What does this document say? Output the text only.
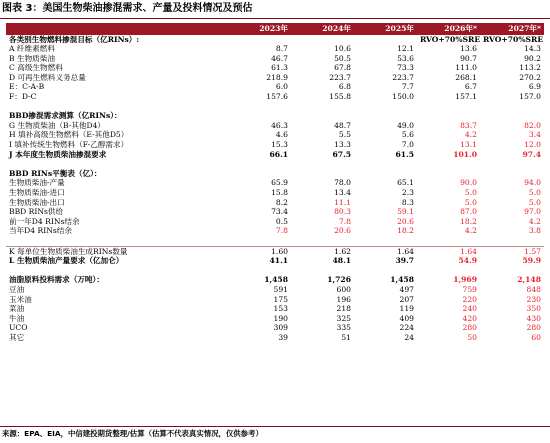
图表 3：美国生物柴油掺混需求、产量及投料情况及预估
	2023年	2024年	2025年	2026年*	2027年*
各类别生物燃料掺混目标（亿RINs）:				RVO+70%SRE	RVO+70%SRE
A 纤维素燃料	8.7	10.6	12.1	13.6	14.3
B 生物质柴油	46.7	50.5	53.6	90.7	90.2
C 高级生物燃料	61.3	67.8	73.3	111.0	113.2
D 可再生燃料义务总量	218.9	223.7	223.7	268.1	270.2
E：C-A-B	6.0	6.8	7.7	6.7	6.9
F：D-C	157.6	155.8	150.0	157.1	157.0

BBD掺混需求测算（亿RINs）：					
G 生物质柴油（B-其他D4）	46.3	48.7	49.0	83.7	82.0
H 填补高级生物燃料（E-其他D5）	4.6	5.5	5.6	4.2	3.4
I 填补传统生物燃料（F-乙醇需求）	15.3	13.3	7.0	13.1	12.0
J 本年度生物质柴油掺混要求	66.1	67.5	61.5	101.0	97.4

BBD RINs平衡表（亿）：					
生物质柴油-产量	65.9	78.0	65.1	90.0	94.0
生物质柴油-进口	15.8	13.4	2.3	5.0	5.0
生物质柴油-出口	8.2	11.1	8.3	5.0	5.0
BBD RINs供给	73.4	80.3	59.1	87.0	97.0
前一年D4 RINs结余	0.5	7.8	20.6	18.2	4.2
当年D4 RINs结余	7.8	20.6	18.2	4.2	3.8

K 每单位生物质柴油生成RINs数量	1.60	1.62	1.64	1.64	1.57
L 生物质柴油产量要求（亿加仑）	41.1	48.1	39.7	54.9	59.9

油脂原料投料需求（万吨）：	1,458	1,726	1,458	1,969	2,148
豆油	591	600	497	759	848
玉米油	175	196	207	220	230
菜油	153	218	119	240	350
牛油	190	325	409	420	430
UCO	309	335	224	280	280
其它	39	51	24	50	60
来源：EPA、EIA，中信建投期货整理/估算（估算不代表真实情况，仅供参考）
